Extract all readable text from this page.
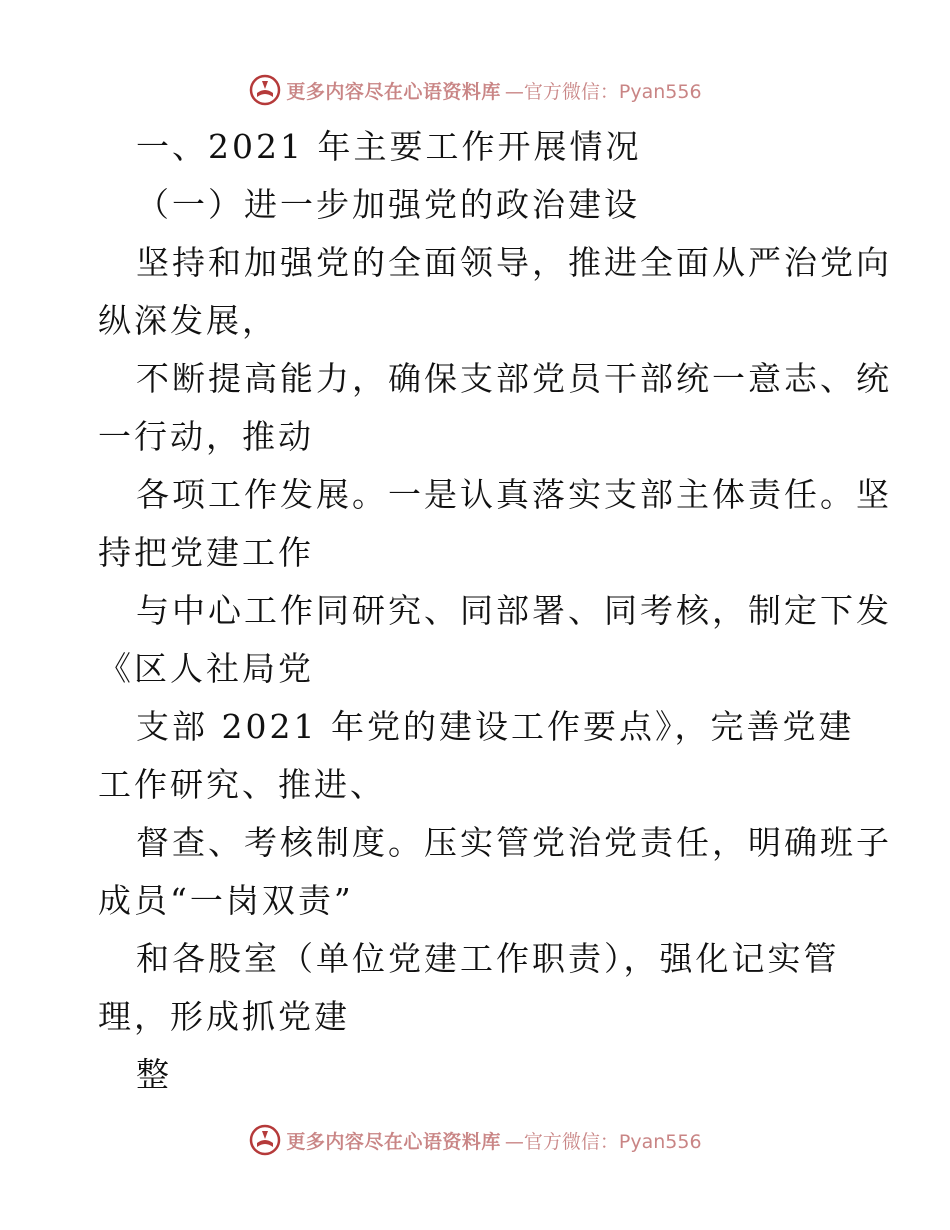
更多内容尽在心语资料库 —官方微信：Pyan556
一、2021 年主要工作开展情况
（一）进一步加强党的政治建设
坚持和加强党的全面领导，推进全面从严治党向
纵深发展，
不断提高能力，确保支部党员干部统一意志、统
一行动，推动
各项工作发展。一是认真落实支部主体责任。坚
持把党建工作
与中心工作同研究、同部署、同考核，制定下发
《区人社局党
支部 2021 年党的建设工作要点》，完善党建
工作研究、推进、
督查、考核制度。压实管党治党责任，明确班子
成员“一岗双责”
和各股室（单位党建工作职责），强化记实管
理，形成抓党建
整
更多内容尽在心语资料库 —官方微信：Pyan556
